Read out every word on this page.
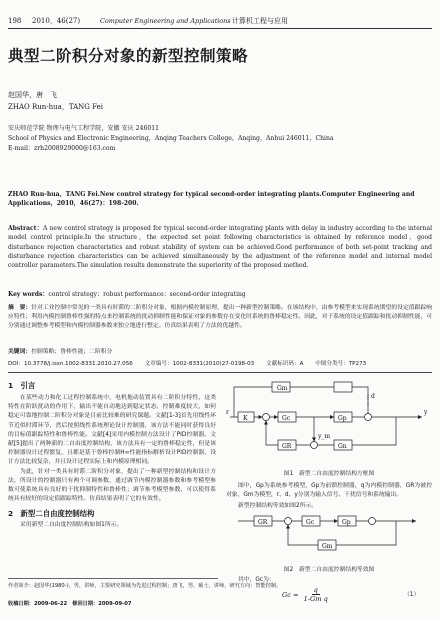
198 2010，46(27)	Computer Engineering and Applications 计算机工程与应用
典型二阶积分对象的新型控制策略
赵国华，唐　飞
ZHAO Run-hua，TANG Fei
安庆师范学院 物理与电气工程学院，安徽 安庆 246011
School of Physics and Electronic Engineering，Anqing Teachers College，Anqing，Anhui 246011，China
E-mail：zrh2008929000@163.com
ZHAO Run-hua，TANG Fei.New control strategy for typical second-order integrating plants.Computer Engineering and Applications，2010，46(27)：198-200.
Abstract：A new control strategy is proposed for typical second-order integrating plants with delay in industry according to the internal model control principle.In the structure，the expected set point following characteristics is obtained by reference model，good disturbance rejection characteristics and robust stability of system can be achieved.Good performance of both set-point tracking and disturbance rejection characteristics can be achieved simultaneously by the adjustment of the reference model and internal model controller parameters.The simulation results demonstrate the superiority of the proposed method.
Key words：control strategy；robust performance；second-order integrating
摘　要：针对工业控制中常见的一类具有时滞的二阶积分对象，根据内模控制原理，提出一种新型控制策略。在该结构中，由参考模型来实现系统期望的设定值跟踪响应特性；利用内模控制鲁棒性强的特点来控制系统的扰动抑制性能和保证对象的参数存在变化时系统的鲁棒稳定性。因此，对于系统的设定值跟踪和扰动抑制性能，可分别通过调整参考模型和内模控制器参数来独立地进行整定。仿真结果表明了方法的优越性。
关键词：控制策略；鲁棒性能；二阶积分
DOI：10.3778/j.issn.1002-8331.2010.27.056 文章编号：1002-8331(2010)27-0198-03 文献标识码：A 中图分类号：TP273
1　引言
在某些动力和化工过程控制系统中，电机拖动装置具有二阶积分特性，这类特性在阶跃扰动的作用下，输出不能自动地达到稳定状态，控制难度较大，如何稳定可靠地控制二阶积分对象是目前比较难的研究课题。文献[1-3]首先用线性环节近似时滞环节，然后按照线性系统理论设计控制器，该方法不能同时获得良好的目标值跟踪特性和鲁棒性能。文献[4]采用内模控制方法设计了PID控制器。文献[5]提出了两种新的二自由度控制结构，该方法具有一定的鲁棒稳定性，但是该控制器设计过程繁复，且都是基于鲁棒控制H∞性能指标解析设计PID控制器，设计方法比较复杂，并且设计过程实际上和内模原理相同。
为此，针对一类具有时滞二阶积分对象，提出了一种新型控制结构和设计方法，所设计的控制器只有两个可调参数，通过调节内模控制器参数和参考模型参数可使系统具有良好的干扰抑制特性和鲁棒性；调节参考模型参数，可以使得系统具有较好的设定值跟踪特性。仿真结果表明了它的有效性。
2　新型二自由度控制结构
采用新型二自由度控制结构如图1所示。
作者简介：赵国华(1980-)，男，讲师，主要研究领域为先进过程控制；唐飞，男，硕士，讲师，研究方向：智能控制。
收稿日期：2009-06-22　修回日期：2009-09-07
Gm
K	Gc	Gp
Gn
GR
r
d
y
y_m
图1　新型二自由度控制结构方框图
图中，Gp为系统参考模型，Gp为前馈控制器，q为内模控制器，GR为被控对象，Gm为模型，r、d、y分别为输入信号、干扰信号和系统输出。
新型控制结构等效如图2所示。
GR	Gc	Gp
Gm
图2　新型二自由度控制结构等效图
其中，Gc为：
$Gc = \frac{q}{\text{1-Gm q}}$	（1）
